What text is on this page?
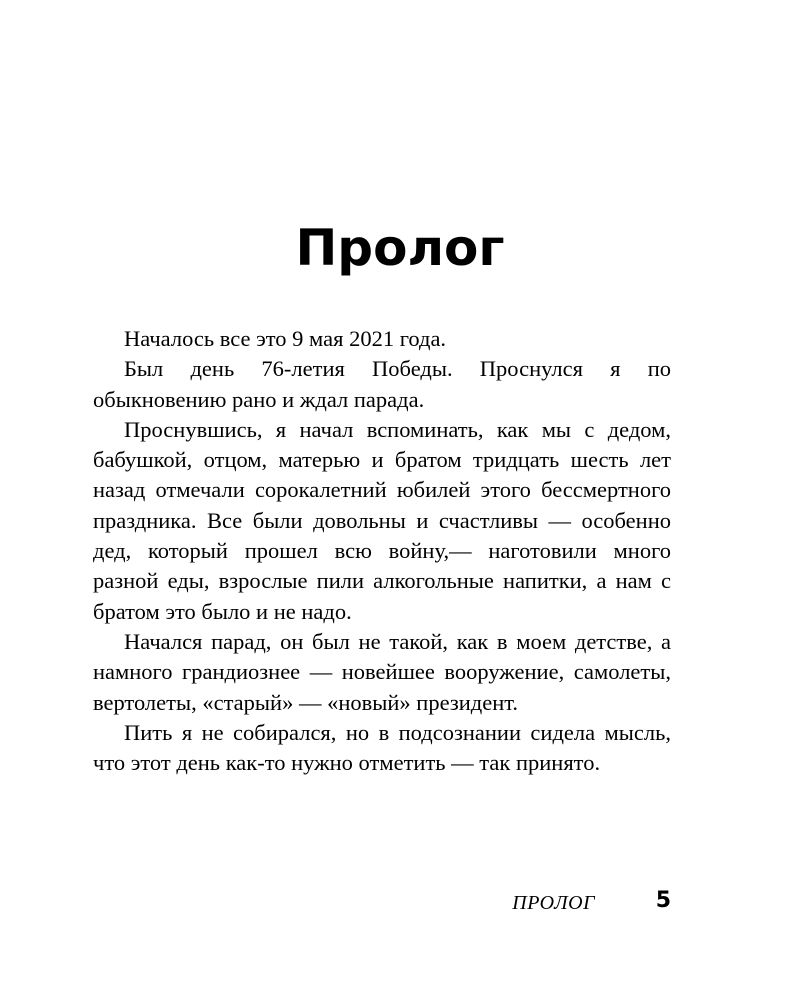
Пролог

Началось все это 9 мая 2021 года.

Был день 76-летия Победы. Проснулся я по обыкновению рано и ждал парада.

Проснувшись, я начал вспоминать, как мы с дедом, бабушкой, отцом, матерью и братом тридцать шесть лет назад отмечали сорокалетний юбилей этого бессмертного праздника. Все были довольны и счастливы — особенно дед, который прошел всю войну,— наготовили много разной еды, взрослые пили алкогольные напитки, а нам с братом это было и не надо.

Начался парад, он был не такой, как в моем детстве, а намного грандиознее — новейшее вооружение, самолеты, вертолеты, «старый» — «новый» президент.

Пить я не собирался, но в подсознании сидела мысль, что этот день как-то нужно отметить — так принято.

ПРОЛОГ	5
